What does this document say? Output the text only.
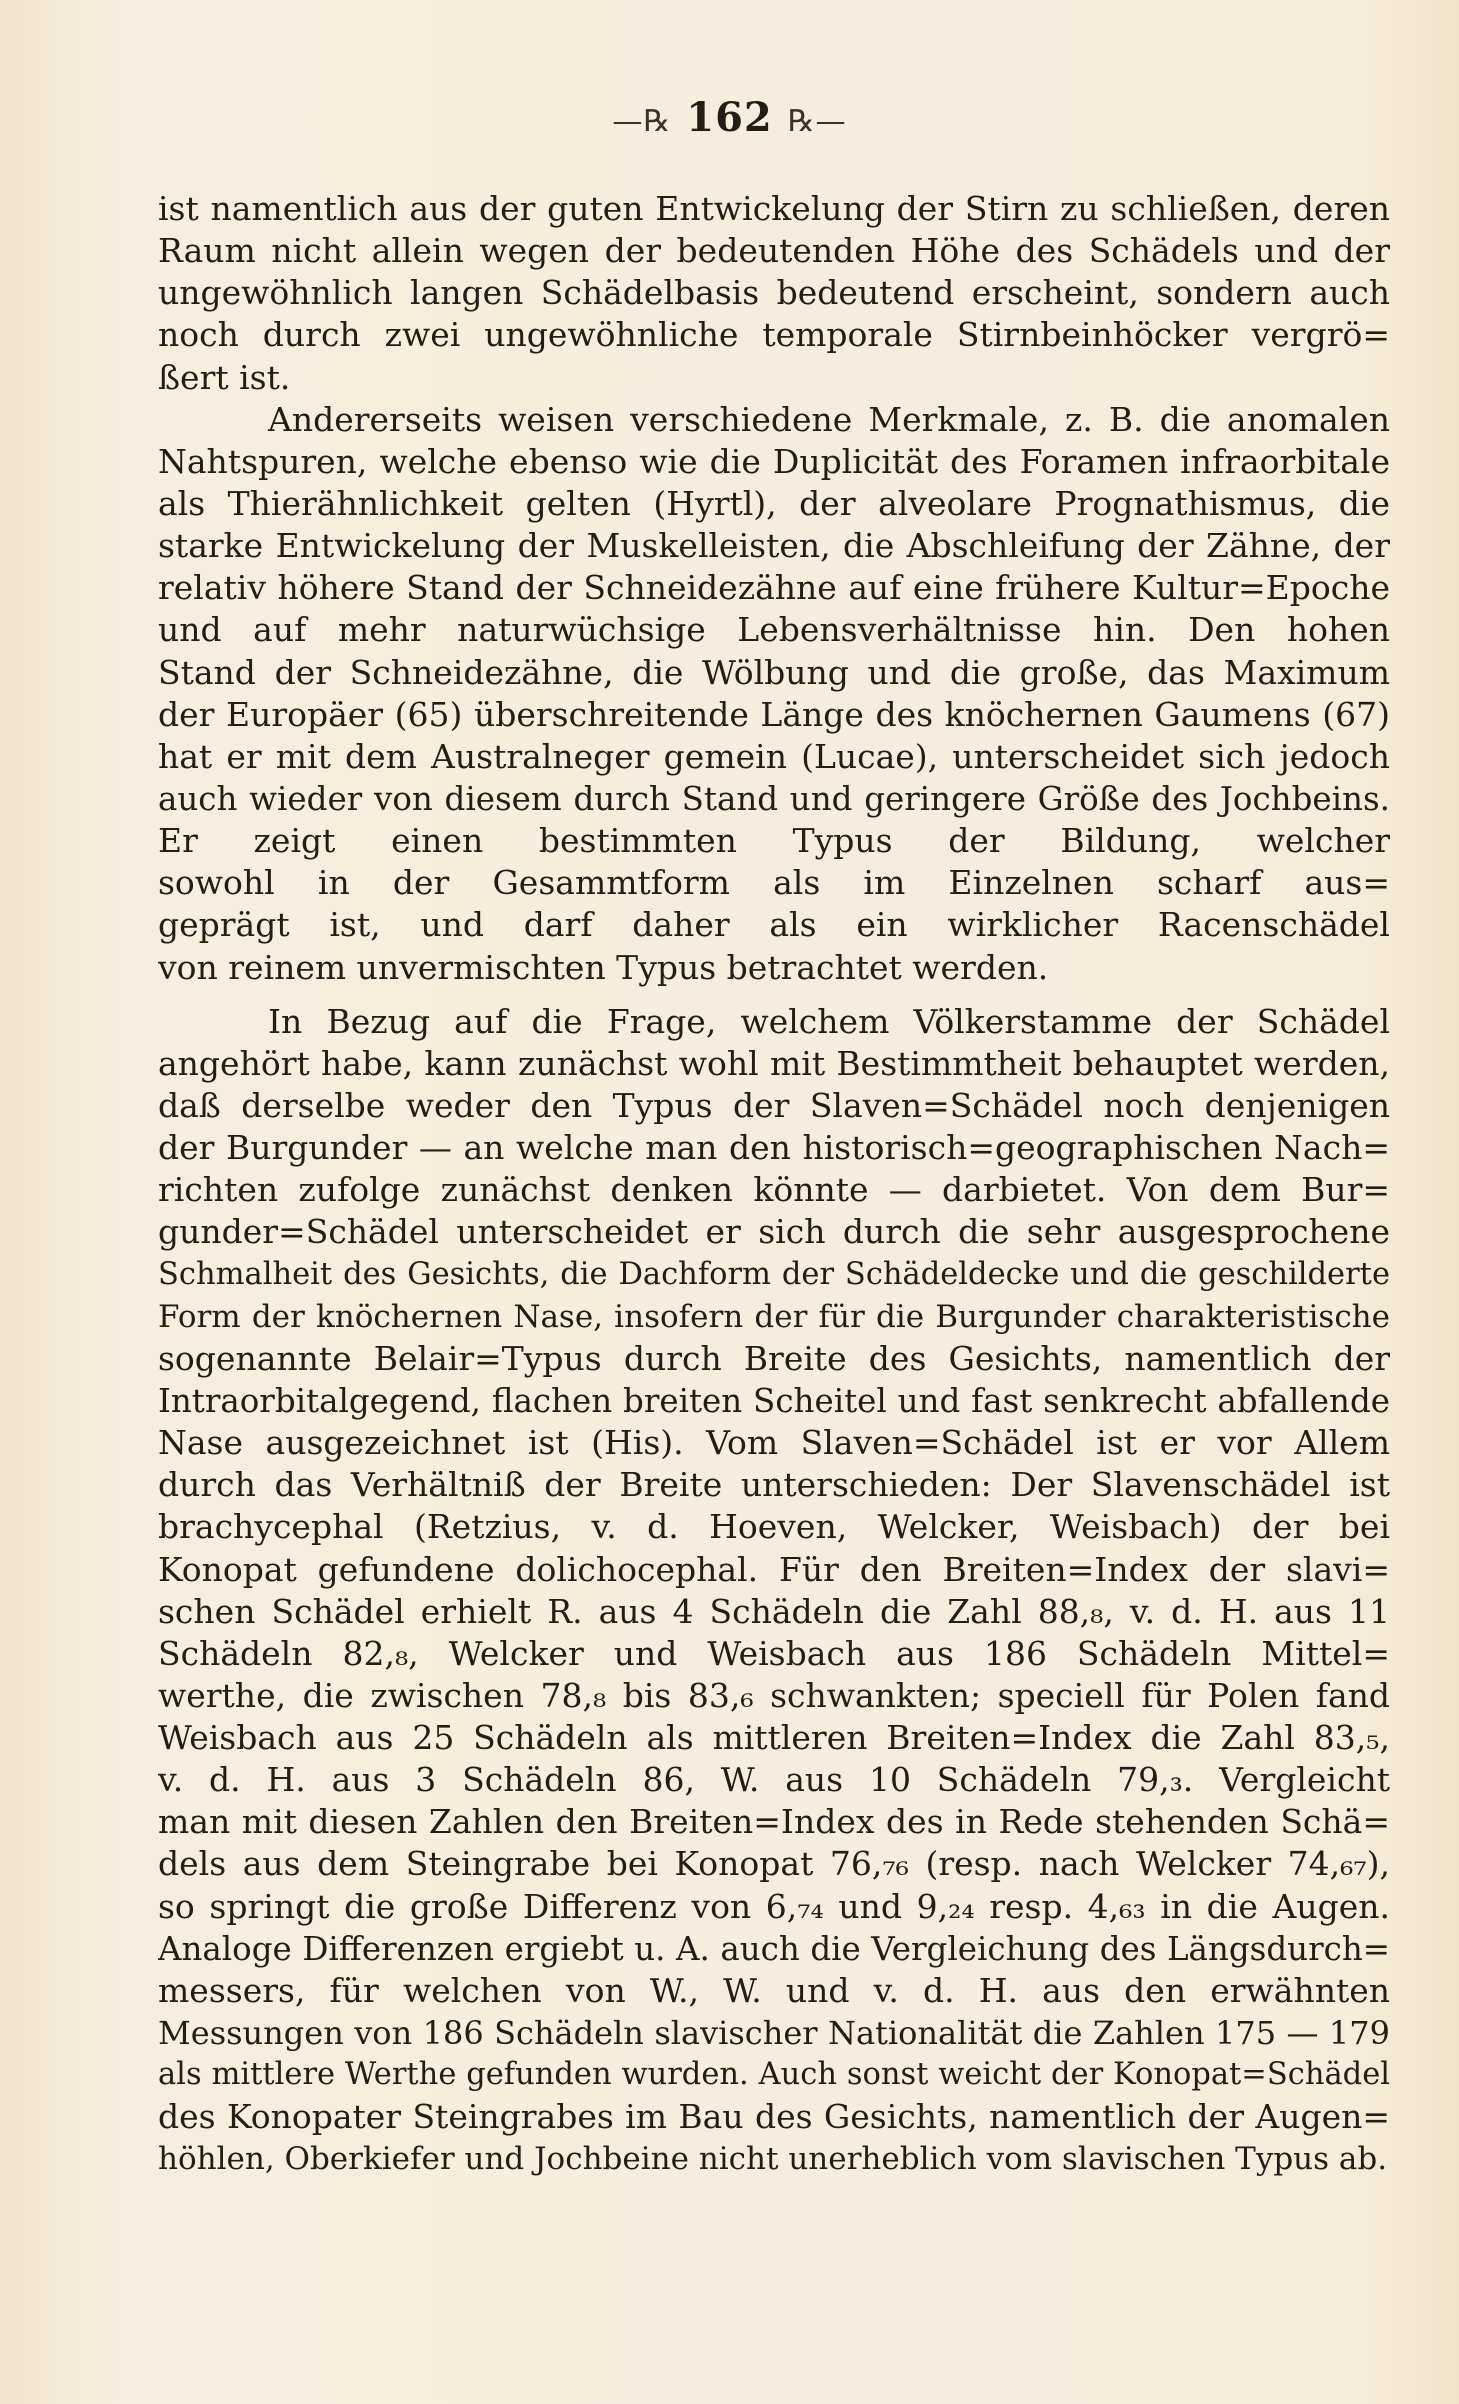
—℞ 162 ℞—
ist namentlich aus der guten Entwickelung der Stirn zu schließen, deren
Raum nicht allein wegen der bedeutenden Höhe des Schädels und der
ungewöhnlich langen Schädelbasis bedeutend erscheint, sondern auch
noch durch zwei ungewöhnliche temporale Stirnbeinhöcker vergrö=
ßert ist.
Andererseits weisen verschiedene Merkmale, z. B. die anomalen
Nahtspuren, welche ebenso wie die Duplicität des Foramen infraorbitale
als Thierähnlichkeit gelten (Hyrtl), der alveolare Prognathismus, die
starke Entwickelung der Muskelleisten, die Abschleifung der Zähne, der
relativ höhere Stand der Schneidezähne auf eine frühere Kultur=Epoche
und auf mehr naturwüchsige Lebensverhältnisse hin. Den hohen
Stand der Schneidezähne, die Wölbung und die große, das Maximum
der Europäer (65) überschreitende Länge des knöchernen Gaumens (67)
hat er mit dem Australneger gemein (Lucae), unterscheidet sich jedoch
auch wieder von diesem durch Stand und geringere Größe des Jochbeins.
Er zeigt einen bestimmten Typus der Bildung, welcher
sowohl in der Gesammtform als im Einzelnen scharf aus=
geprägt ist, und darf daher als ein wirklicher Racenschädel
von reinem unvermischten Typus betrachtet werden.
In Bezug auf die Frage, welchem Völkerstamme der Schädel
angehört habe, kann zunächst wohl mit Bestimmtheit behauptet werden,
daß derselbe weder den Typus der Slaven=Schädel noch denjenigen
der Burgunder — an welche man den historisch=geographischen Nach=
richten zufolge zunächst denken könnte — darbietet. Von dem Bur=
gunder=Schädel unterscheidet er sich durch die sehr ausgesprochene
Schmalheit des Gesichts, die Dachform der Schädeldecke und die geschilderte
Form der knöchernen Nase, insofern der für die Burgunder charakteristische
sogenannte Belair=Typus durch Breite des Gesichts, namentlich der
Intraorbitalgegend, flachen breiten Scheitel und fast senkrecht abfallende
Nase ausgezeichnet ist (His). Vom Slaven=Schädel ist er vor Allem
durch das Verhältniß der Breite unterschieden: Der Slavenschädel ist
brachycephal (Retzius, v. d. Hoeven, Welcker, Weisbach) der bei
Konopat gefundene dolichocephal. Für den Breiten=Index der slavi=
schen Schädel erhielt R. aus 4 Schädeln die Zahl 88,₈, v. d. H. aus 11
Schädeln 82,₈, Welcker und Weisbach aus 186 Schädeln Mittel=
werthe, die zwischen 78,₈ bis 83,₆ schwankten; speciell für Polen fand
Weisbach aus 25 Schädeln als mittleren Breiten=Index die Zahl 83,₅,
v. d. H. aus 3 Schädeln 86, W. aus 10 Schädeln 79,₃. Vergleicht
man mit diesen Zahlen den Breiten=Index des in Rede stehenden Schä=
dels aus dem Steingrabe bei Konopat 76,₇₆ (resp. nach Welcker 74,₆₇),
so springt die große Differenz von 6,₇₄ und 9,₂₄ resp. 4,₆₃ in die Augen.
Analoge Differenzen ergiebt u. A. auch die Vergleichung des Längsdurch=
messers, für welchen von W., W. und v. d. H. aus den erwähnten
Messungen von 186 Schädeln slavischer Nationalität die Zahlen 175 — 179
als mittlere Werthe gefunden wurden. Auch sonst weicht der Konopat=Schädel
des Konopater Steingrabes im Bau des Gesichts, namentlich der Augen=
höhlen, Oberkiefer und Jochbeine nicht unerheblich vom slavischen Typus ab.
